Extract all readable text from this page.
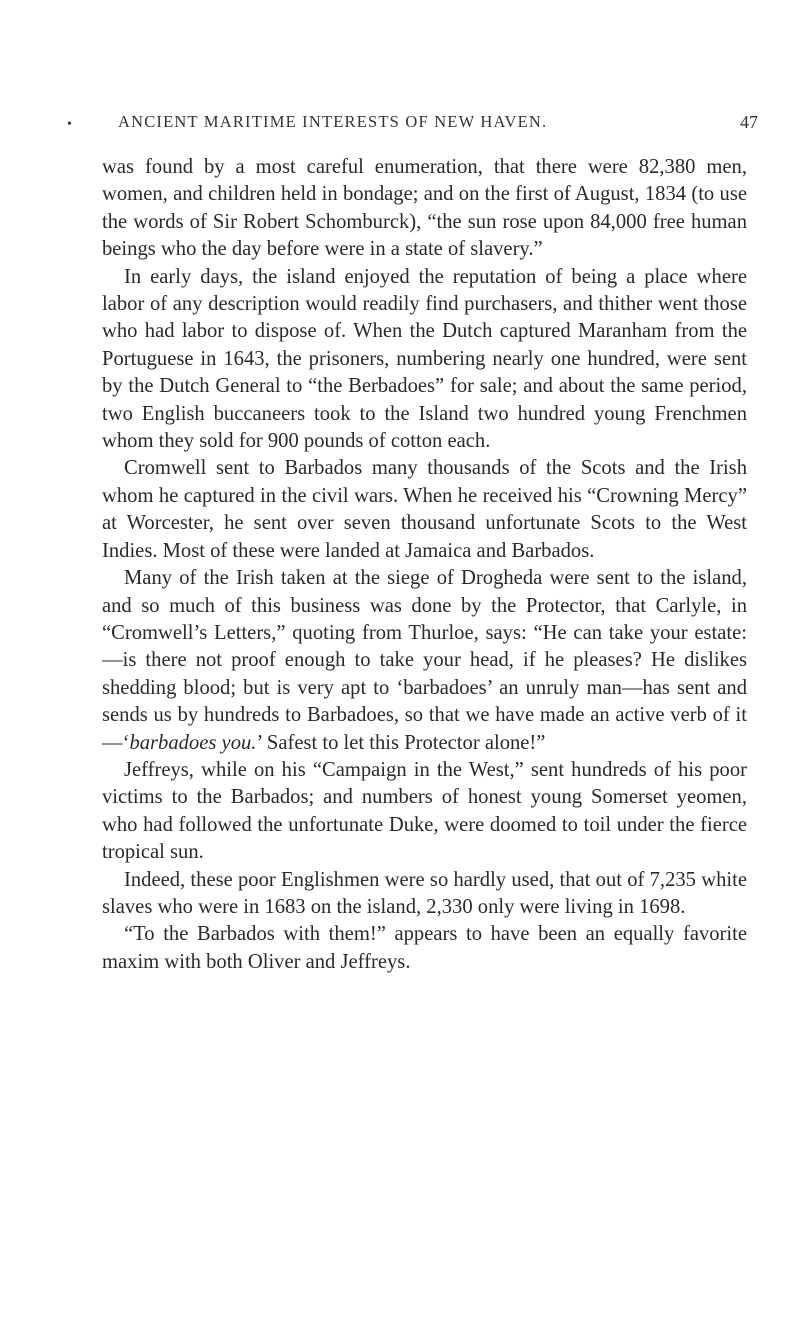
•	ANCIENT MARITIME INTERESTS OF NEW HAVEN.	47

was found by a most careful enumeration, that there were 82,380 men, women, and children held in bondage; and on the first of August, 1834 (to use the words of Sir Robert Schomburck), “the sun rose upon 84,000 free human beings who the day before were in a state of slavery.”

In early days, the island enjoyed the reputation of being a place where labor of any description would readily find purchasers, and thither went those who had labor to dispose of. When the Dutch captured Maranham from the Portuguese in 1643, the prisoners, numbering nearly one hundred, were sent by the Dutch General to “the Berbadoes” for sale; and about the same period, two English buccaneers took to the Island two hundred young Frenchmen whom they sold for 900 pounds of cotton each.

Cromwell sent to Barbados many thousands of the Scots and the Irish whom he captured in the civil wars. When he received his “Crowning Mercy” at Worcester, he sent over seven thousand unfortunate Scots to the West Indies. Most of these were landed at Jamaica and Barbados.

Many of the Irish taken at the siege of Drogheda were sent to the island, and so much of this business was done by the Protector, that Carlyle, in “Cromwell’s Letters,” quoting from Thurloe, says: “He can take your estate:—is there not proof enough to take your head, if he pleases? He dislikes shedding blood; but is very apt to ‘barbadoes’ an unruly man—has sent and sends us by hundreds to Barbadoes, so that we have made an active verb of it—‘barbadoes you.’ Safest to let this Protector alone!”

Jeffreys, while on his “Campaign in the West,” sent hundreds of his poor victims to the Barbados; and numbers of honest young Somerset yeomen, who had followed the unfortunate Duke, were doomed to toil under the fierce tropical sun.

Indeed, these poor Englishmen were so hardly used, that out of 7,235 white slaves who were in 1683 on the island, 2,330 only were living in 1698.

“To the Barbados with them!” appears to have been an equally favorite maxim with both Oliver and Jeffreys.
